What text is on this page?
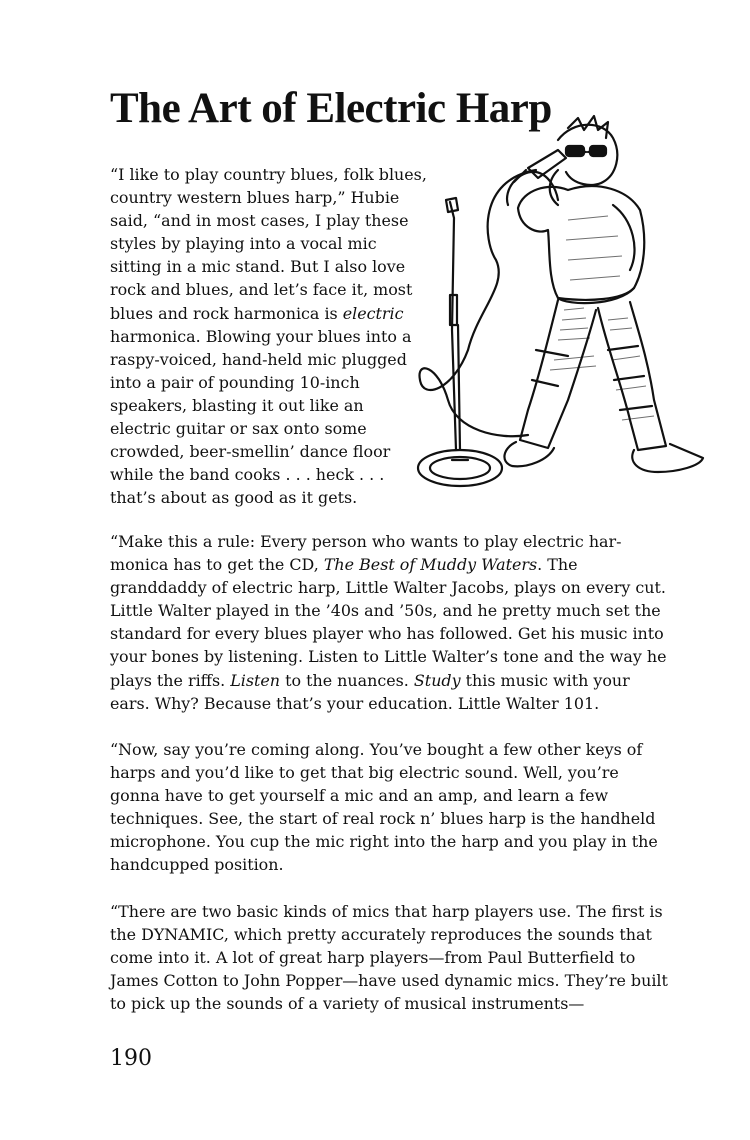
The Art of Electric Harp
“I like to play country blues, folk blues,
country western blues harp,” Hubie
said, “and in most cases, I play these
styles by playing into a vocal mic
sitting in a mic stand. But I also love
rock and blues, and let’s face it, most
blues and rock harmonica is electric
harmonica. Blowing your blues into a
raspy-voiced, hand-held mic plugged
into a pair of pounding 10-inch
speakers, blasting it out like an
electric guitar or sax onto some
crowded, beer-smellin’ dance floor
while the band cooks . . . heck . . .
that’s about as good as it gets.

“Make this a rule: Every person who wants to play electric har-monica has to get the CD, The Best of Muddy Waters. The granddaddy of electric harp, Little Walter Jacobs, plays on every cut. Little Walter played in the ’40s and ’50s, and he pretty much set the standard for every blues player who has followed. Get his music into your bones by listening. Listen to Little Walter’s tone and the way he plays the riffs. Listen to the nuances. Study this music with your ears. Why? Because that’s your education. Little Walter 101.

“Now, say you’re coming along. You’ve bought a few other keys of harps and you’d like to get that big electric sound. Well, you’re gonna have to get yourself a mic and an amp, and learn a few techniques. See, the start of real rock n’ blues harp is the handheld microphone. You cup the mic right into the harp and you play in the handcupped position.

“There are two basic kinds of mics that harp players use. The first is the DYNAMIC, which pretty accurately reproduces the sounds that come into it. A lot of great harp players—from Paul Butterfield to James Cotton to John Popper—have used dynamic mics. They’re built to pick up the sounds of a variety of musical instruments—

190
